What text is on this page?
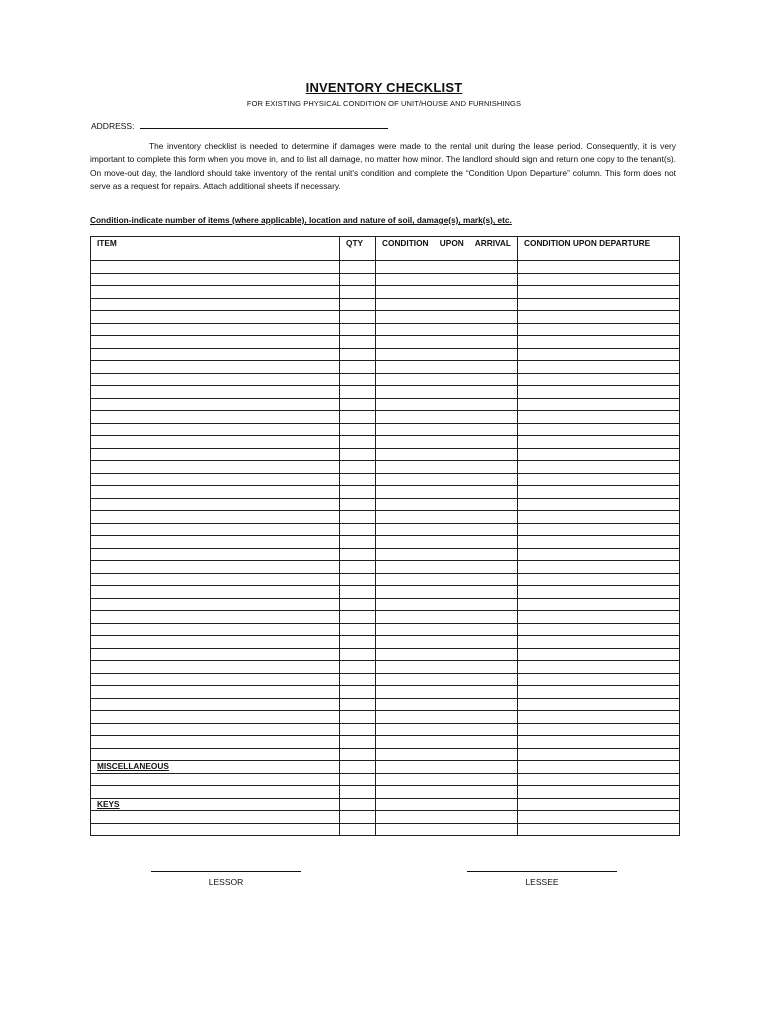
INVENTORY CHECKLIST
FOR EXISTING PHYSICAL CONDITION OF UNIT/HOUSE AND FURNISHINGS
ADDRESS:
The inventory checklist is needed to determine if damages were made to the rental unit during the lease period. Consequently, it is very important to complete this form when you move in, and to list all damage, no matter how minor. The landlord should sign and return one copy to the tenant(s). On move-out day, the landlord should take inventory of the rental unit's condition and complete the “Condition Upon Departure” column. This form does not serve as a request for repairs. Attach additional sheets if necessary.
Condition-indicate number of items (where applicable), location and nature of soil, damage(s), mark(s), etc.
ITEM	QTY	CONDITION UPON ARRIVAL	CONDITION UPON DEPARTURE

MISCELLANEOUS			

KEYS			

LESSOR	LESSEE
